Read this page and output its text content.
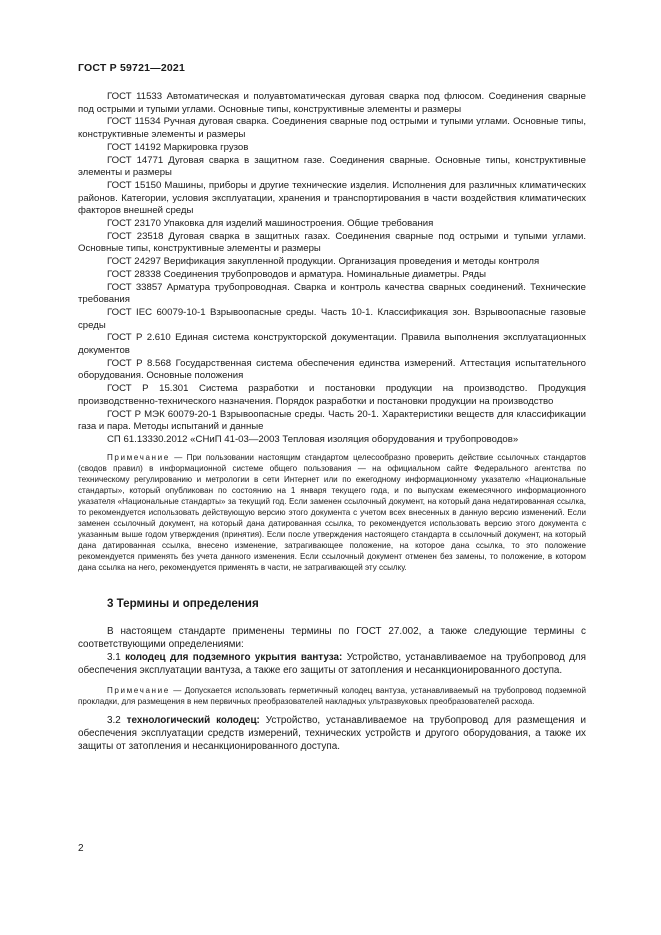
ГОСТ Р 59721—2021

ГОСТ 11533 Автоматическая и полуавтоматическая дуговая сварка под флюсом. Соединения сварные под острыми и тупыми углами. Основные типы, конструктивные элементы и размеры

ГОСТ 11534 Ручная дуговая сварка. Соединения сварные под острыми и тупыми углами. Основные типы, конструктивные элементы и размеры

ГОСТ 14192 Маркировка грузов

ГОСТ 14771 Дуговая сварка в защитном газе. Соединения сварные. Основные типы, конструктивные элементы и размеры

ГОСТ 15150 Машины, приборы и другие технические изделия. Исполнения для различных климатических районов. Категории, условия эксплуатации, хранения и транспортирования в части воздействия климатических факторов внешней среды

ГОСТ 23170 Упаковка для изделий машиностроения. Общие требования

ГОСТ 23518 Дуговая сварка в защитных газах. Соединения сварные под острыми и тупыми углами. Основные типы, конструктивные элементы и размеры

ГОСТ 24297 Верификация закупленной продукции. Организация проведения и методы контроля

ГОСТ 28338 Соединения трубопроводов и арматура. Номинальные диаметры. Ряды

ГОСТ 33857 Арматура трубопроводная. Сварка и контроль качества сварных соединений. Технические требования

ГОСТ IEC 60079-10-1 Взрывоопасные среды. Часть 10-1. Классификация зон. Взрывоопасные газовые среды

ГОСТ Р 2.610 Единая система конструкторской документации. Правила выполнения эксплуатационных документов

ГОСТ Р 8.568 Государственная система обеспечения единства измерений. Аттестация испытательного оборудования. Основные положения

ГОСТ Р 15.301 Система разработки и постановки продукции на производство. Продукция производственно-технического назначения. Порядок разработки и постановки продукции на производство

ГОСТ Р МЭК 60079-20-1 Взрывоопасные среды. Часть 20-1. Характеристики веществ для классификации газа и пара. Методы испытаний и данные

СП 61.13330.2012 «СНиП 41-03—2003 Тепловая изоляция оборудования и трубопроводов»

Примечание — При пользовании настоящим стандартом целесообразно проверить действие ссылочных стандартов (сводов правил) в информационной системе общего пользования — на официальном сайте Федерального агентства по техническому регулированию и метрологии в сети Интернет или по ежегодному информационному указателю «Национальные стандарты», который опубликован по состоянию на 1 января текущего года, и по выпускам ежемесячного информационного указателя «Национальные стандарты» за текущий год. Если заменен ссылочный документ, на который дана недатированная ссылка, то рекомендуется использовать действующую версию этого документа с учетом всех внесенных в данную версию изменений. Если заменен ссылочный документ, на который дана датированная ссылка, то рекомендуется использовать версию этого документа с указанным выше годом утверждения (принятия). Если после утверждения настоящего стандарта в ссылочный документ, на который дана датированная ссылка, внесено изменение, затрагивающее положение, на которое дана ссылка, то это положение рекомендуется применять без учета данного изменения. Если ссылочный документ отменен без замены, то положение, в котором дана ссылка на него, рекомендуется применять в части, не затрагивающей эту ссылку.

3 Термины и определения

В настоящем стандарте применены термины по ГОСТ 27.002, а также следующие термины с соответствующими определениями:

3.1 колодец для подземного укрытия вантуза: Устройство, устанавливаемое на трубопровод для обеспечения эксплуатации вантуза, а также его защиты от затопления и несанкционированного доступа.

Примечание — Допускается использовать герметичный колодец вантуза, устанавливаемый на трубопровод подземной прокладки, для размещения в нем первичных преобразователей накладных ультразвуковых преобразователей расхода.

3.2 технологический колодец: Устройство, устанавливаемое на трубопровод для размещения и обеспечения эксплуатации средств измерений, технических устройств и другого оборудования, а также их защиты от затопления и несанкционированного доступа.

2
